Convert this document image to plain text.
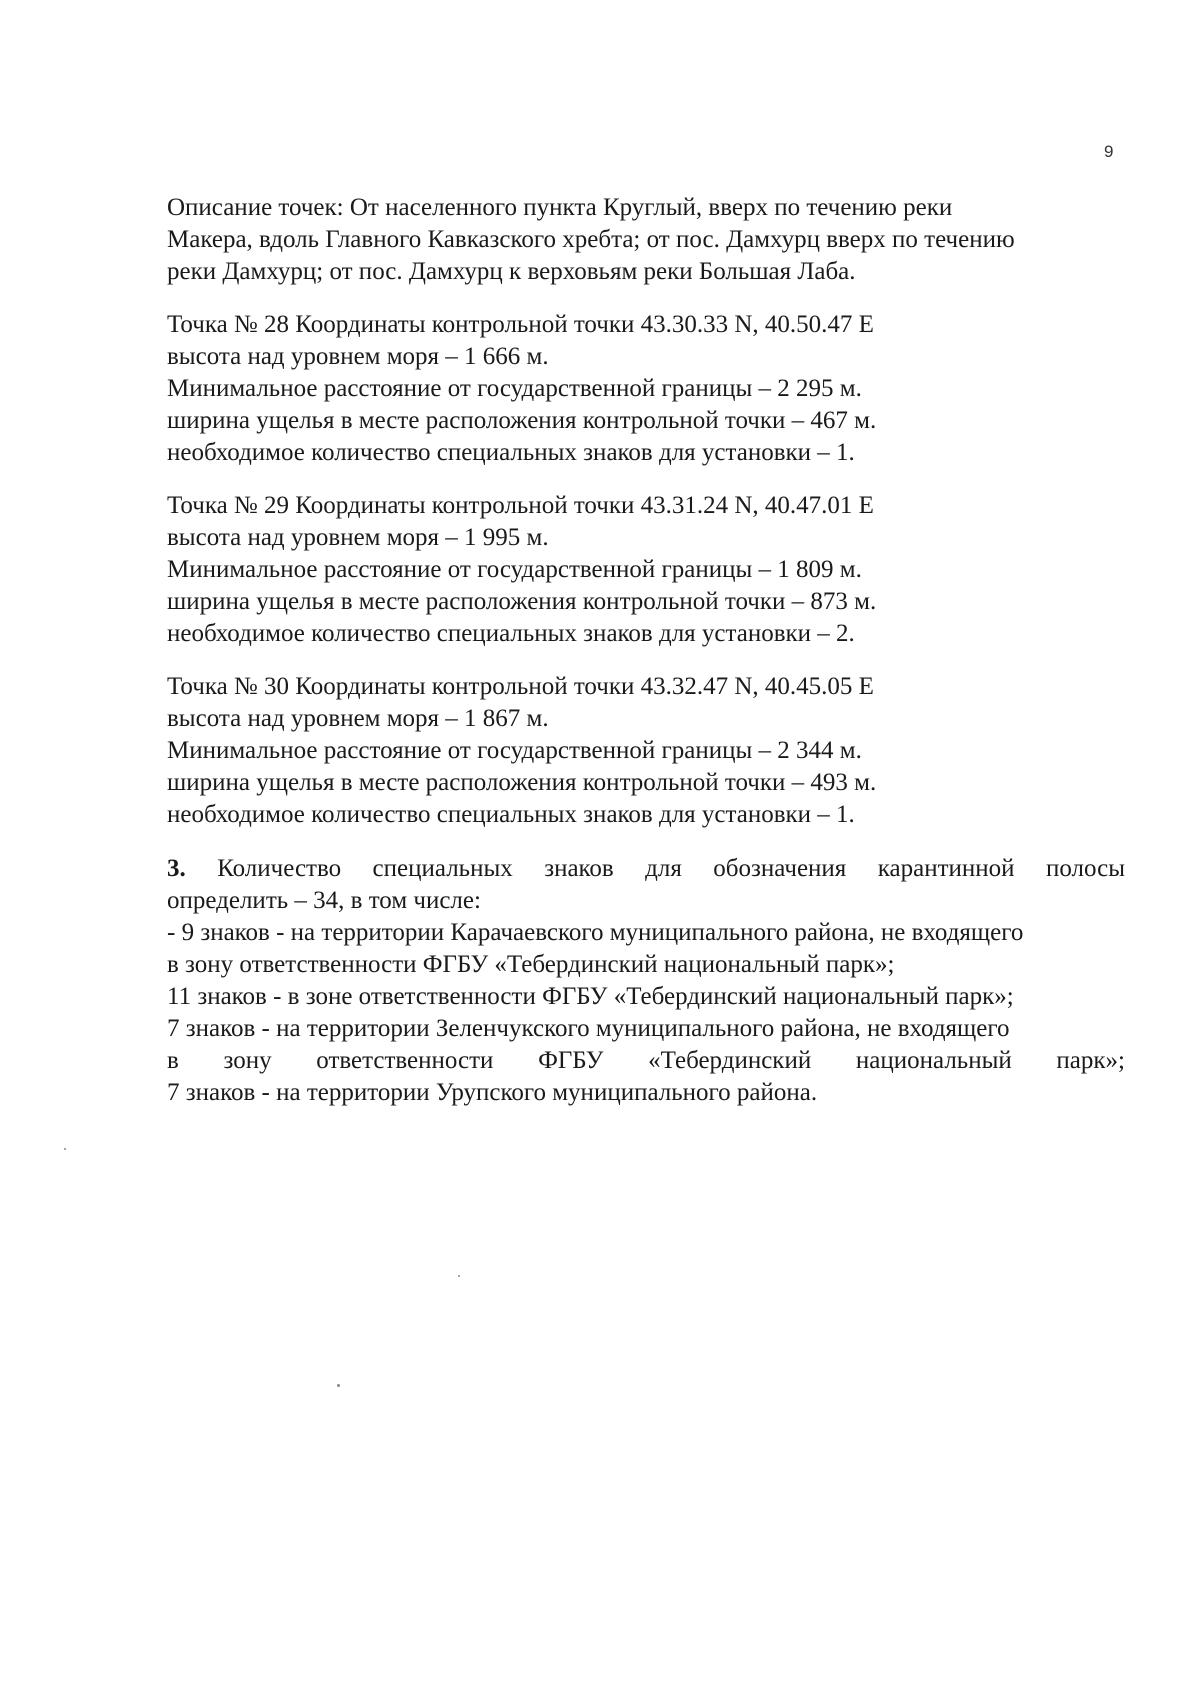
9

Описание точек: От населенного пункта Круглый, вверх по течению реки
Макера, вдоль Главного Кавказского хребта; от пос. Дамхурц вверх по течению
реки Дамхурц; от пос. Дамхурц к верховьям реки Большая Лаба.

Точка № 28 Координаты контрольной точки 43.30.33 N, 40.50.47 E
высота над уровнем моря – 1 666 м.
Минимальное расстояние от государственной границы – 2 295 м.
ширина ущелья в месте расположения контрольной точки – 467 м.
необходимое количество специальных знаков для установки – 1.

Точка № 29 Координаты контрольной точки 43.31.24 N, 40.47.01 E
высота над уровнем моря – 1 995 м.
Минимальное расстояние от государственной границы – 1 809 м.
ширина ущелья в месте расположения контрольной точки – 873 м.
необходимое количество специальных знаков для установки – 2.

Точка № 30 Координаты контрольной точки 43.32.47 N, 40.45.05 E
высота над уровнем моря – 1 867 м.
Минимальное расстояние от государственной границы – 2 344 м.
ширина ущелья в месте расположения контрольной точки – 493 м.
необходимое количество специальных знаков для установки – 1.

3. Количество специальных знаков для обозначения карантинной полосы
определить – 34, в том числе:
- 9 знаков - на территории Карачаевского муниципального района, не входящего
в зону ответственности ФГБУ «Тебердинский национальный парк»;
11 знаков - в зоне ответственности ФГБУ «Тебердинский национальный парк»;
7 знаков - на территории Зеленчукского муниципального района, не входящего
в зону ответственности ФГБУ «Тебердинский национальный парк»;
7 знаков - на территории Урупского муниципального района.
